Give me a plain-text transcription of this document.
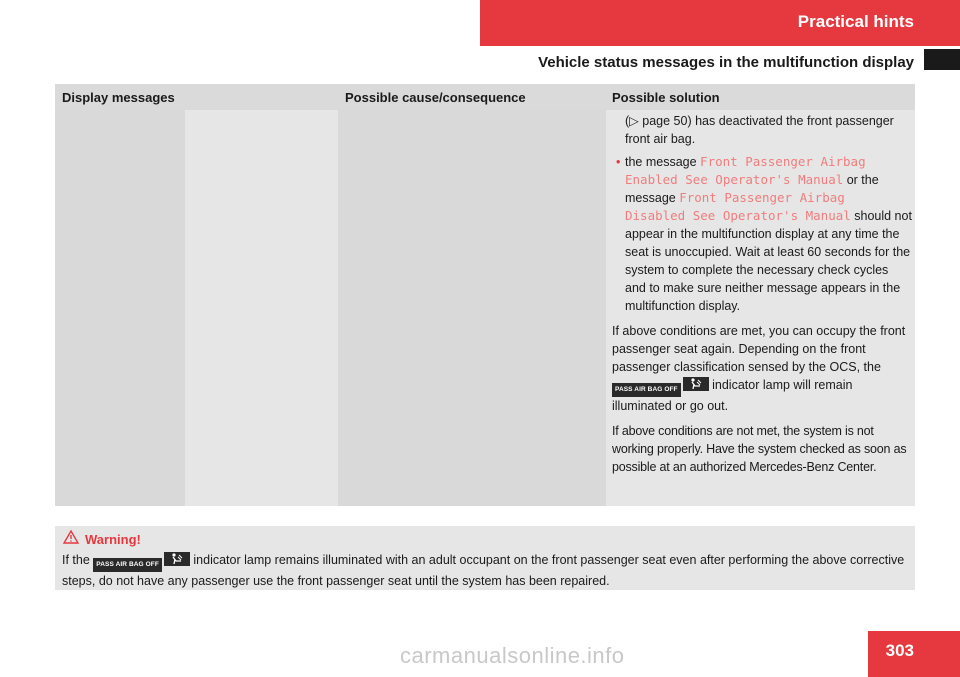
Practical hints
Vehicle status messages in the multifunction display
Display messages	Possible cause/consequence	Possible solution
(▷ page 50) has deactivated the front passenger front air bag.
• the message Front Passenger Airbag Enabled See Operator's Manual or the message Front Passenger Airbag Disabled See Operator's Manual should not appear in the multifunction display at any time the seat is unoccupied. Wait at least 60 seconds for the system to complete the necessary check cycles and to make sure neither message appears in the multifunction display.
If above conditions are met, you can occupy the front passenger seat again. Depending on the front passenger classification sensed by the OCS, the PASS AIR BAG OFF
indicator lamp will remain illuminated or go out.
If above conditions are not met, the system is not working properly. Have the system checked as soon as possible at an authorized Mercedes-Benz Center.
Warning!
If the PASS AIR BAG OFF
indicator lamp remains illuminated with an adult occupant on the front passenger seat even after performing the above corrective steps, do not have any passenger use the front passenger seat until the system has been repaired.
303
carmanualsonline.info
